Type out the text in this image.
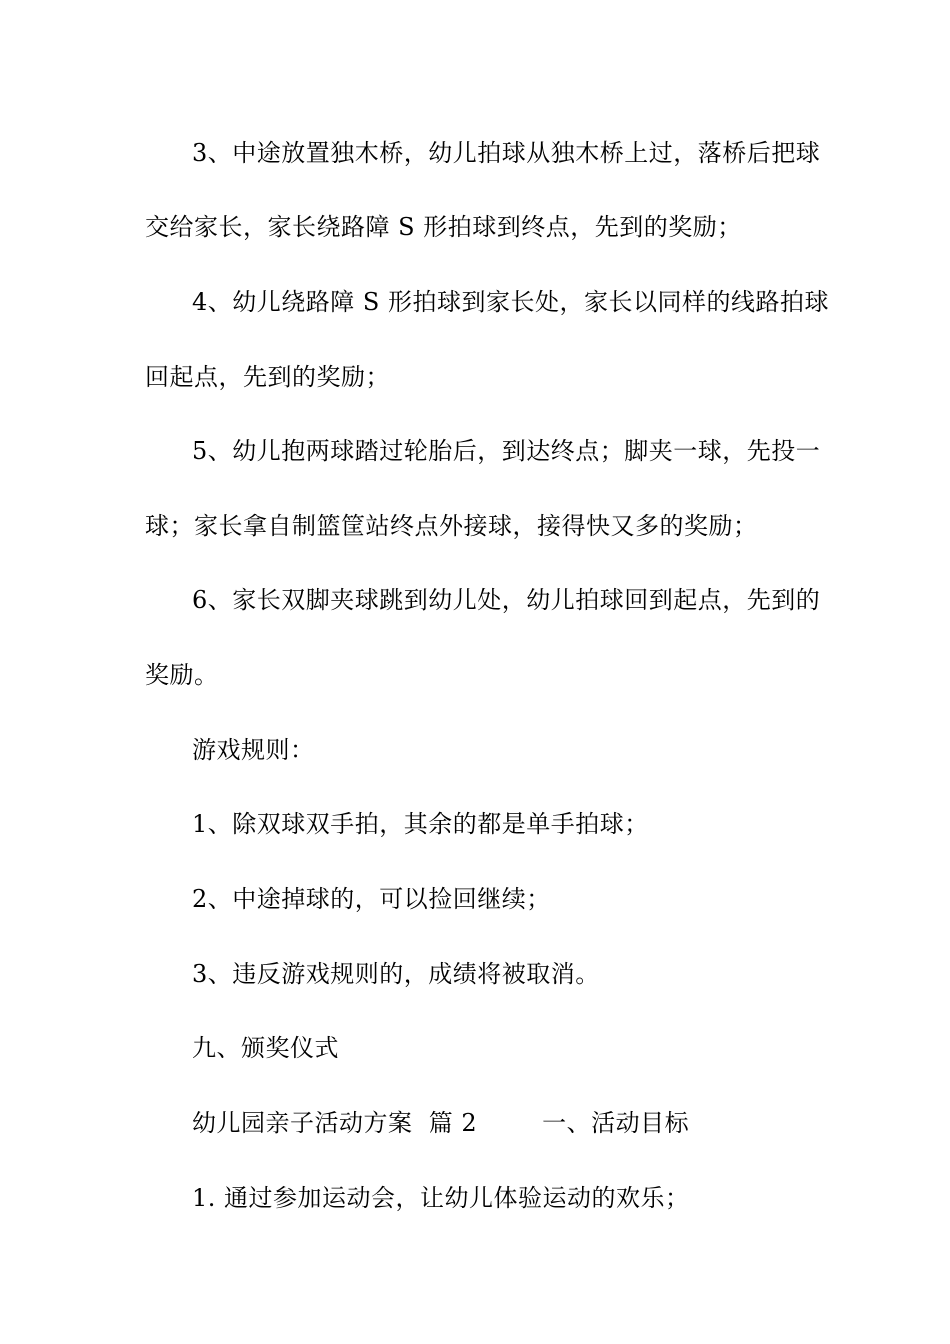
3、中途放置独木桥，幼儿拍球从独木桥上过，落桥后把球
交给家长，家长绕路障 S 形拍球到终点，先到的奖励；
4、幼儿绕路障 S 形拍球到家长处，家长以同样的线路拍球
回起点，先到的奖励；
5、幼儿抱两球踏过轮胎后，到达终点；脚夹一球，先投一
球；家长拿自制篮筐站终点外接球，接得快又多的奖励；
6、家长双脚夹球跳到幼儿处，幼儿拍球回到起点，先到的
奖励。
游戏规则：
1、除双球双手拍，其余的都是单手拍球；
2、中途掉球的，可以捡回继续；
3、违反游戏规则的，成绩将被取消。
九、颁奖仪式
幼儿园亲子活动方案  篇 2        一、活动目标
1. 通过参加运动会，让幼儿体验运动的欢乐；
